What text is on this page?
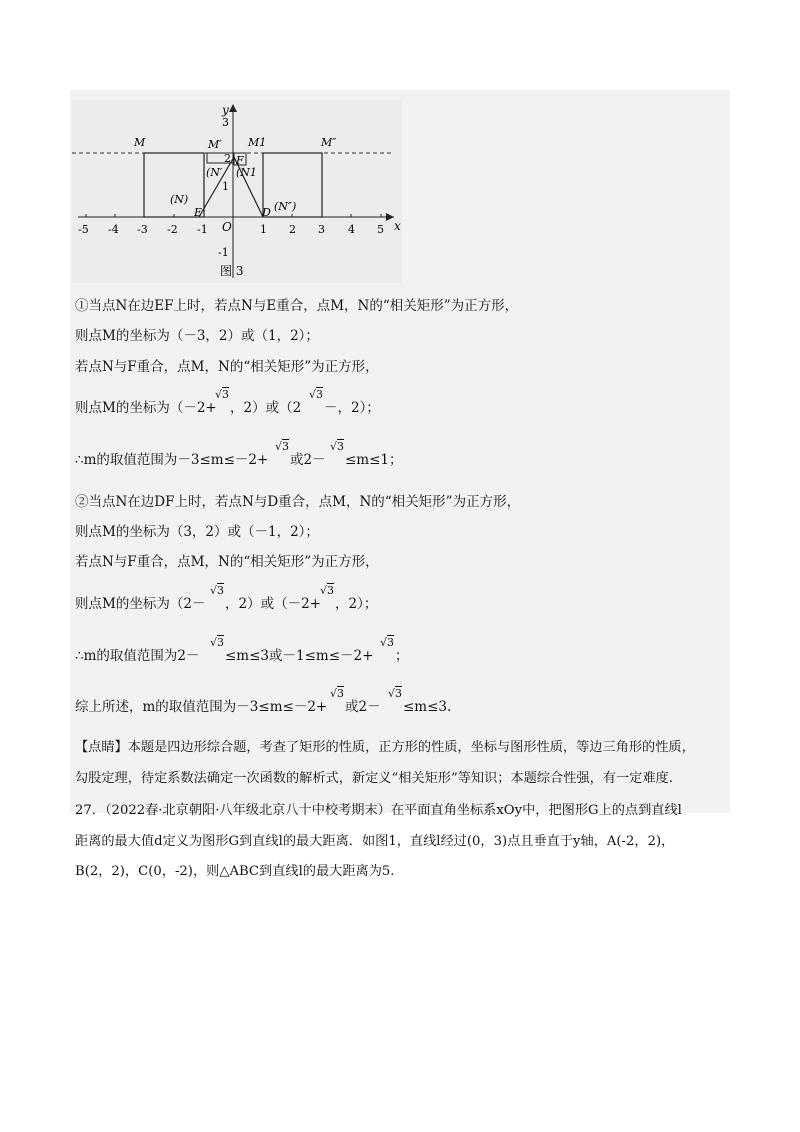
y
x
O
-5 -4 -3 -2 -1	1 2 3 4 5
3
2
1
-1
M	M′ M1	M″
(N)
(N′ (N1
(N″)
E
F
D
图 3
①当点N在边EF上时，若点N与E重合，点M，N的“相关矩形”为正方形，
则点M的坐标为（－3，2）或（1，2）；
若点N与F重合，点M，N的“相关矩形”为正方形，
则点M的坐标为（－2+
√3
，2）或（2
√3
－，2）；
∴m的取值范围为－3≤m≤－2+
√3
或2－
√3
≤m≤1；
②当点N在边DF上时，若点N与D重合，点M，N的“相关矩形”为正方形，
则点M的坐标为（3，2）或（－1，2）；
若点N与F重合，点M，N的“相关矩形”为正方形，
则点M的坐标为（2－
√3
，2）或（－2+
√3
，2）；
∴m的取值范围为2－
√3
≤m≤3或－1≤m≤－2+
√3
；
综上所述，m的取值范围为－3≤m≤－2+
√3
或2－
√3
≤m≤3.
【点睛】本题是四边形综合题，考查了矩形的性质，正方形的性质，坐标与图形性质，等边三角形的性质，
勾股定理，待定系数法确定一次函数的解析式，新定义“相关矩形”等知识；本题综合性强，有一定难度.
27．（2022春·北京朝阳·八年级北京八十中校考期末）在平面直角坐标系xOy中，把图形G上的点到直线l
距离的最大值d定义为图形G到直线l的最大距离．如图1，直线l经过(0，3)点且垂直于y轴，A(-2，2)，
B(2，2)，C(0，-2)，则△ABC到直线l的最大距离为5.
